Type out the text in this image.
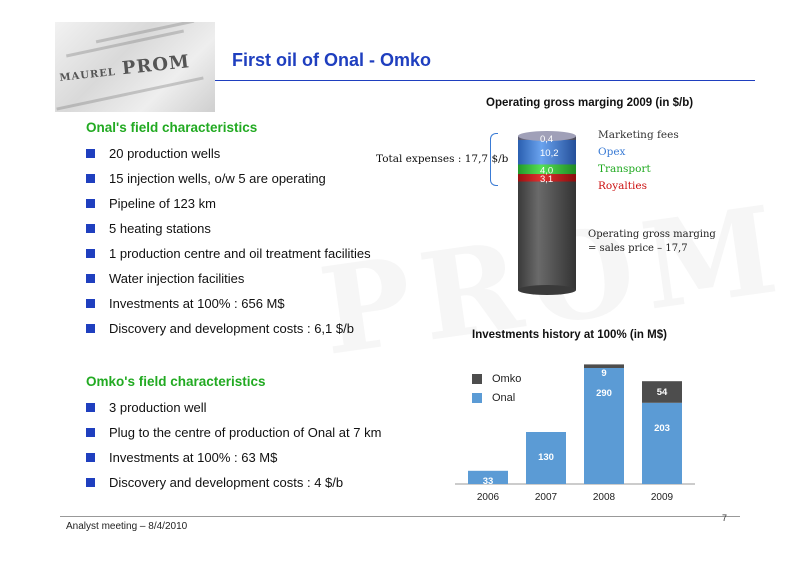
MAUREL PROM First oil of Onal - Omko
Onal's field characteristics
20 production wells
15 injection wells, o/w 5 are operating
Pipeline of 123 km
5 heating stations
1 production centre and oil treatment facilities
Water injection facilities
Investments at 100% : 656 M$
Discovery and development costs : 6,1 $/b
Omko's field characteristics
3 production well
Plug to the centre of production of Onal at 7 km
Investments at 100% : 63 M$
Discovery and development costs : 4 $/b
Operating gross marging 2009 (in $/b)
Total expenses : 17,7 $/b
0,4
10,2
4,0
3,1
Marketing fees
Opex
Transport
Royalties
Operating gross marging
= sales price – 17,7
Investments history at 100% (in M$)
Omko
Onal
33
2006
130
2007
290
9
2008
203
54
2009
Analyst meeting – 8/4/2010
7
